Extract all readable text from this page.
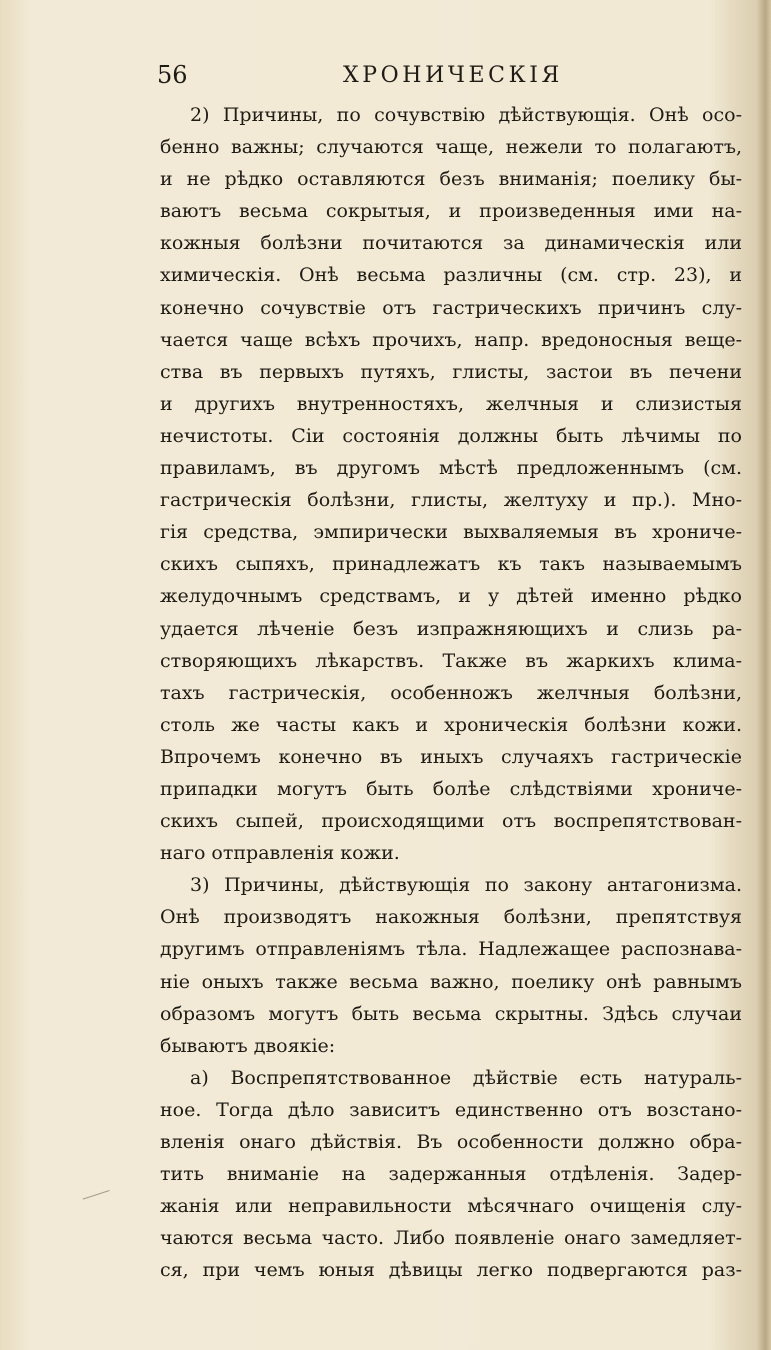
56	ХРОНИЧЕСКІЯ
2) Причины, по сочувствію дѣйствующія. Онѣ осо-
бенно важны; случаются чаще, нежели то полагаютъ,
и не рѣдко оставляются безъ вниманія; поелику бы-
ваютъ весьма сокрытыя, и произведенныя ими на-
кожныя болѣзни почитаются за динамическія или
химическія. Онѣ весьма различны (см. стр. 23), и
конечно сочувствіе отъ гастрическихъ причинъ слу-
чается чаще всѣхъ прочихъ, напр. вредоносныя веще-
ства въ первыхъ путяхъ, глисты, застои въ печени
и другихъ внутренностяхъ, желчныя и слизистыя
нечистоты. Сіи состоянія должны быть лѣчимы по
правиламъ, въ другомъ мѣстѣ предложеннымъ (см.
гастрическія болѣзни, глисты, желтуху и пр.). Мно-
гія средства, эмпирически выхваляемыя въ хрониче-
скихъ сыпяхъ, принадлежатъ къ такъ называемымъ
желудочнымъ средствамъ, и у дѣтей именно рѣдко
удается лѣченіе безъ изпражняющихъ и слизь ра-
створяющихъ лѣкарствъ. Также въ жаркихъ клима-
тахъ гастрическія, особенножъ желчныя болѣзни,
столь же часты какъ и хроническія болѣзни кожи.
Впрочемъ конечно въ иныхъ случаяхъ гастрическіе
припадки могутъ быть болѣе слѣдствіями хрониче-
скихъ сыпей, происходящими отъ воспрепятствован-
наго отправленія кожи.
3) Причины, дѣйствующія по закону антагонизма.
Онѣ производятъ накожныя болѣзни, препятствуя
другимъ отправленіямъ тѣла. Надлежащее распознава-
ніе оныхъ также весьма важно, поелику онѣ равнымъ
образомъ могутъ быть весьма скрытны. Здѣсь случаи
бываютъ двоякіе:
а) Воспрепятствованное дѣйствіе есть натураль-
ное. Тогда дѣло зависитъ единственно отъ возстано-
вленія онаго дѣйствія. Въ особенности должно обра-
тить вниманіе на задержанныя отдѣленія. Задер-
жанія или неправильности мѣсячнаго очищенія слу-
чаются весьма часто. Либо появленіе онаго замедляет-
ся, при чемъ юныя дѣвицы легко подвергаются раз-
